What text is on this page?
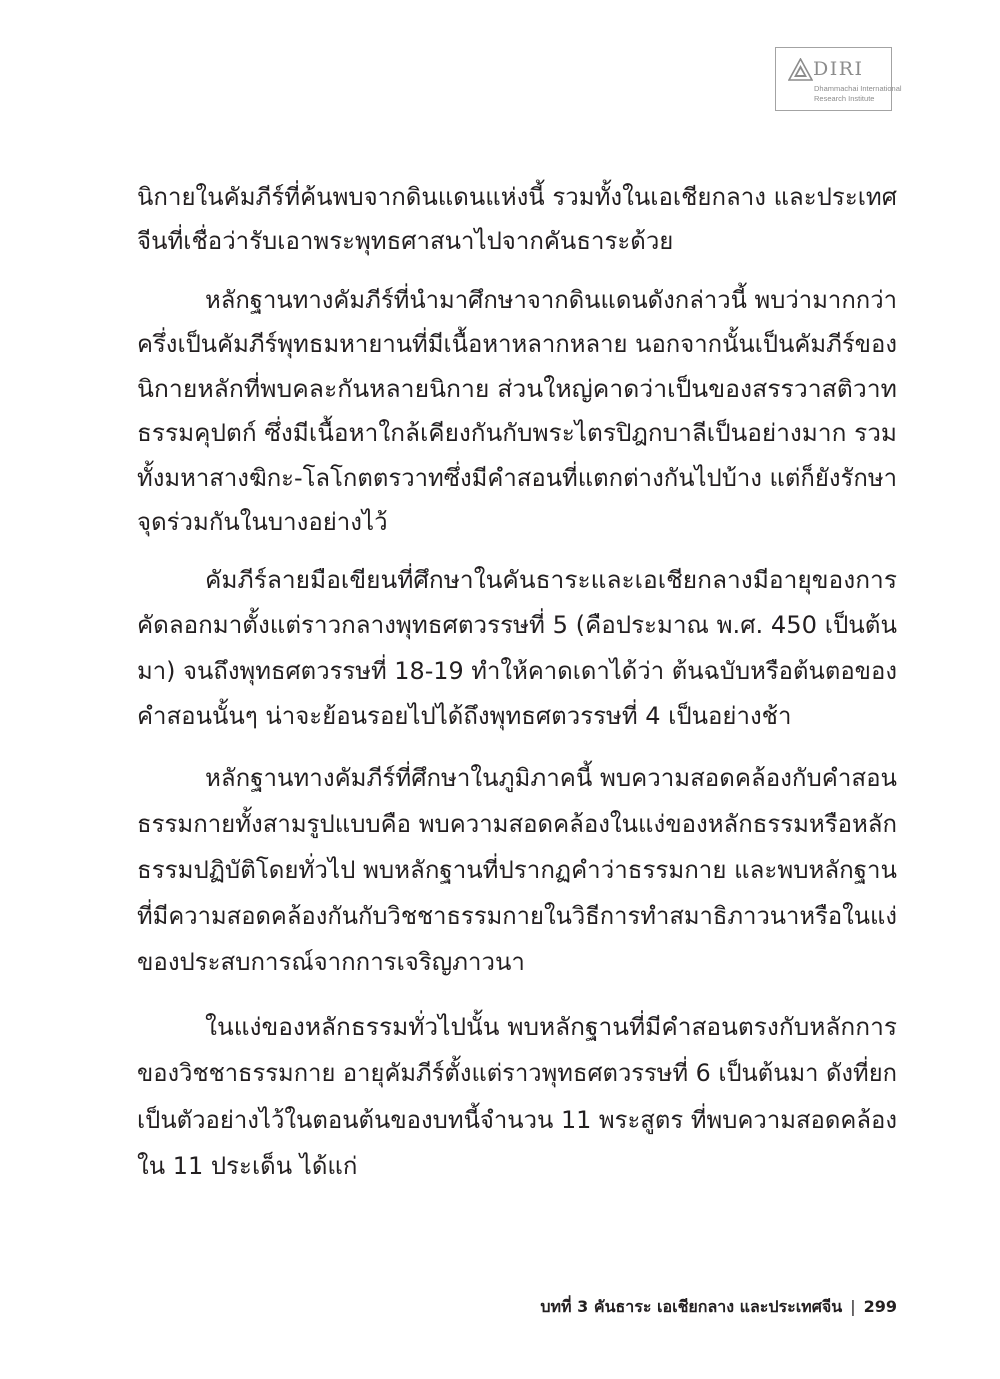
DIRI
Dhammachai International
Research Institute
นิกายในคัมภีร์ที่ค้นพบจากดินแดนแห่งนี้ รวมทั้งในเอเชียกลาง และประเทศ
จีนที่เชื่อว่ารับเอาพระพุทธศาสนาไปจากคันธาระด้วย
หลักฐานทางคัมภีร์ที่นำมาศึกษาจากดินแดนดังกล่าวนี้ พบว่ามากกว่า
ครึ่งเป็นคัมภีร์พุทธมหายานที่มีเนื้อหาหลากหลาย นอกจากนั้นเป็นคัมภีร์ของ
นิกายหลักที่พบคละกันหลายนิกาย ส่วนใหญ่คาดว่าเป็นของสรรวาสติวาท
ธรรมคุปตก์ ซึ่งมีเนื้อหาใกล้เคียงกันกับพระไตรปิฎกบาลีเป็นอย่างมาก รวม
ทั้งมหาสางฆิกะ-โลโกตตรวาทซึ่งมีคำสอนที่แตกต่างกันไปบ้าง แต่ก็ยังรักษา
จุดร่วมกันในบางอย่างไว้
คัมภีร์ลายมือเขียนที่ศึกษาในคันธาระและเอเชียกลางมีอายุของการ
คัดลอกมาตั้งแต่ราวกลางพุทธศตวรรษที่ 5 (คือประมาณ พ.ศ. 450 เป็นต้น
มา) จนถึงพุทธศตวรรษที่ 18-19 ทำให้คาดเดาได้ว่า ต้นฉบับหรือต้นตอของ
คำสอนนั้นๆ น่าจะย้อนรอยไปได้ถึงพุทธศตวรรษที่ 4 เป็นอย่างช้า
หลักฐานทางคัมภีร์ที่ศึกษาในภูมิภาคนี้ พบความสอดคล้องกับคำสอน
ธรรมกายทั้งสามรูปแบบคือ พบความสอดคล้องในแง่ของหลักธรรมหรือหลัก
ธรรมปฏิบัติโดยทั่วไป พบหลักฐานที่ปรากฏคำว่าธรรมกาย และพบหลักฐาน
ที่มีความสอดคล้องกันกับวิชชาธรรมกายในวิธีการทำสมาธิภาวนาหรือในแง่
ของประสบการณ์จากการเจริญภาวนา
ในแง่ของหลักธรรมทั่วไปนั้น พบหลักฐานที่มีคำสอนตรงกับหลักการ
ของวิชชาธรรมกาย อายุคัมภีร์ตั้งแต่ราวพุทธศตวรรษที่ 6 เป็นต้นมา ดังที่ยก
เป็นตัวอย่างไว้ในตอนต้นของบทนี้จำนวน 11 พระสูตร ที่พบความสอดคล้อง
ใน 11 ประเด็น ได้แก่
บทที่ 3 คันธาระ เอเชียกลาง และประเทศจีน | 299
